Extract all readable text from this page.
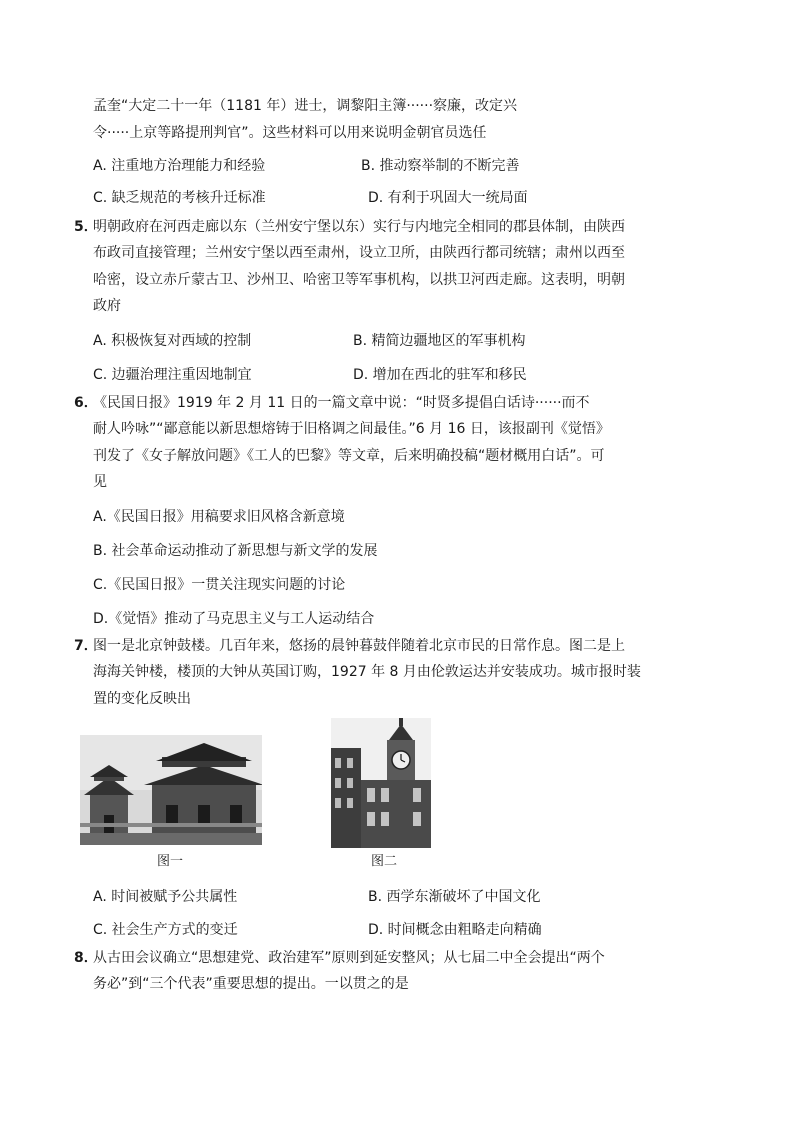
孟奎“大定二十一年（1181 年）进士，调黎阳主簿······察廉，改定兴
令·····上京等路提刑判官”。这些材料可以用来说明金朝官员选任
A. 注重地方治理能力和经验	B. 推动察举制的不断完善
C. 缺乏规范的考核升迁标准	D. 有利于巩固大一统局面
5．
明朝政府在河西走廊以东（兰州安宁堡以东）实行与内地完全相同的郡县体制，由陕西
布政司直接管理；兰州安宁堡以西至肃州，设立卫所，由陕西行都司统辖；肃州以西至
哈密，设立赤斤蒙古卫、沙州卫、哈密卫等军事机构，以拱卫河西走廊。这表明，明朝
政府
A. 积极恢复对西域的控制	B. 精简边疆地区的军事机构
C. 边疆治理注重因地制宜	D. 增加在西北的驻军和移民
6．
《民国日报》1919 年 2 月 11 日的一篇文章中说：“时贤多提倡白话诗······而不
耐人吟咏”“鄙意能以新思想熔铸于旧格调之间最佳。”6 月 16 日，该报副刊《觉悟》
刊发了《女子解放问题》《工人的巴黎》等文章，后来明确投稿“题材概用白话”。可
见
A.《民国日报》用稿要求旧风格含新意境
B. 社会革命运动推动了新思想与新文学的发展
C.《民国日报》一贯关注现实问题的讨论
D.《觉悟》推动了马克思主义与工人运动结合
7．
图一是北京钟鼓楼。几百年来，悠扬的晨钟暮鼓伴随着北京市民的日常作息。图二是上
海海关钟楼，楼顶的大钟从英国订购，1927 年 8 月由伦敦运达并安装成功。城市报时装
置的变化反映出
图一	图二
A. 时间被赋予公共属性	B. 西学东渐破坏了中国文化
C. 社会生产方式的变迁	D. 时间概念由粗略走向精确
8．
从古田会议确立“思想建党、政治建军”原则到延安整风；从七届二中全会提出“两个
务必”到“三个代表”重要思想的提出。一以贯之的是
